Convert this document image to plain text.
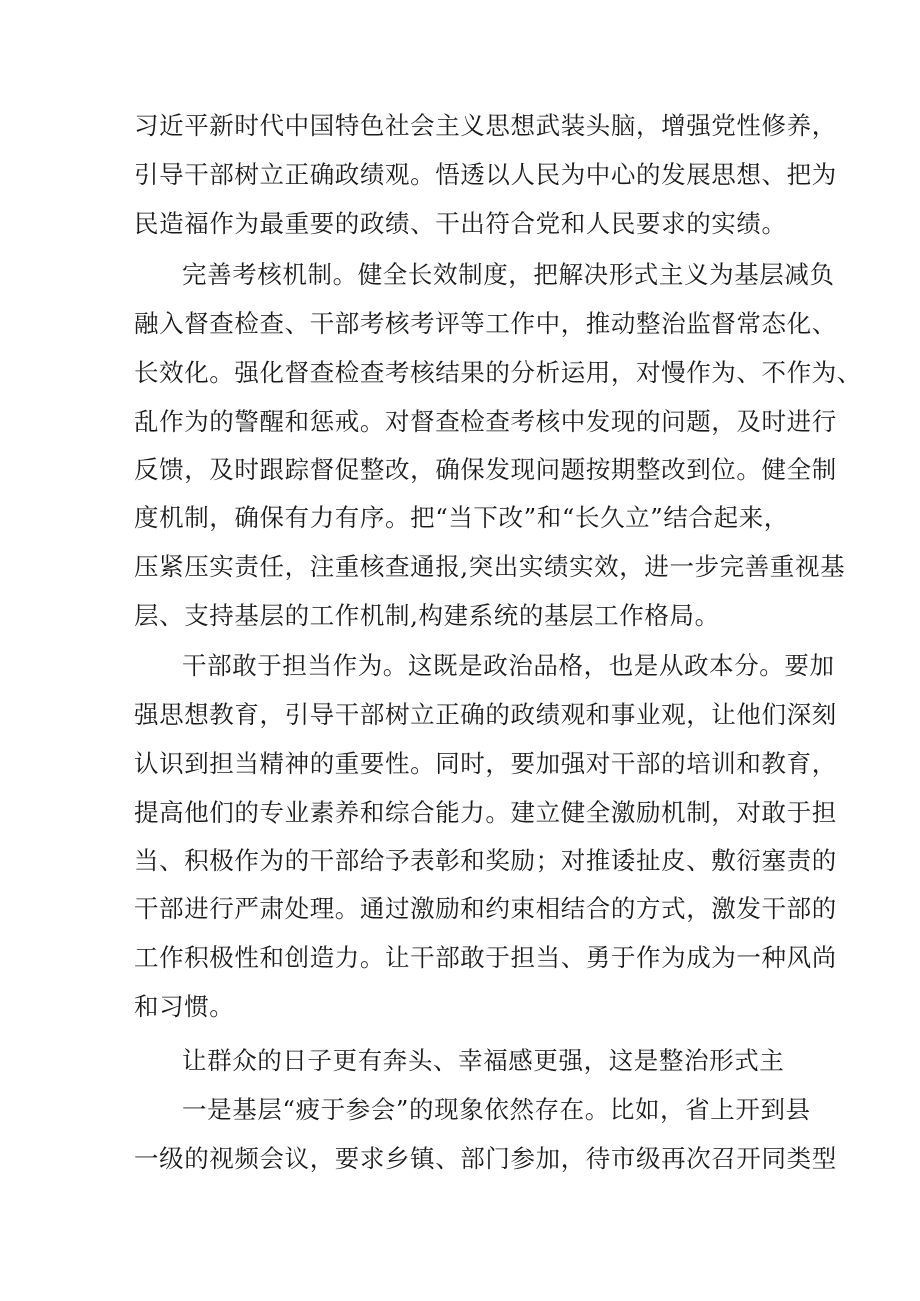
习近平新时代中国特色社会主义思想武装头脑，增强党性修养，
引导干部树立正确政绩观。悟透以人民为中心的发展思想、把为
民造福作为最重要的政绩、干出符合党和人民要求的实绩。
完善考核机制。健全长效制度，把解决形式主义为基层减负
融入督查检查、干部考核考评等工作中，推动整治监督常态化、
长效化。强化督查检查考核结果的分析运用，对慢作为、不作为、
乱作为的警醒和惩戒。对督查检查考核中发现的问题，及时进行
反馈，及时跟踪督促整改，确保发现问题按期整改到位。健全制
度机制，确保有力有序。把“当下改”和“长久立”结合起来，
压紧压实责任，注重核查通报,突出实绩实效，进一步完善重视基
层、支持基层的工作机制,构建系统的基层工作格局。
干部敢于担当作为。这既是政治品格，也是从政本分。要加
强思想教育，引导干部树立正确的政绩观和事业观，让他们深刻
认识到担当精神的重要性。同时，要加强对干部的培训和教育，
提高他们的专业素养和综合能力。建立健全激励机制，对敢于担
当、积极作为的干部给予表彰和奖励；对推诿扯皮、敷衍塞责的
干部进行严肃处理。通过激励和约束相结合的方式，激发干部的
工作积极性和创造力。让干部敢于担当、勇于作为成为一种风尚
和习惯。
让群众的日子更有奔头、幸福感更强，这是整治形式主
一是基层“疲于参会”的现象依然存在。比如，省上开到县
一级的视频会议，要求乡镇、部门参加，待市级再次召开同类型
